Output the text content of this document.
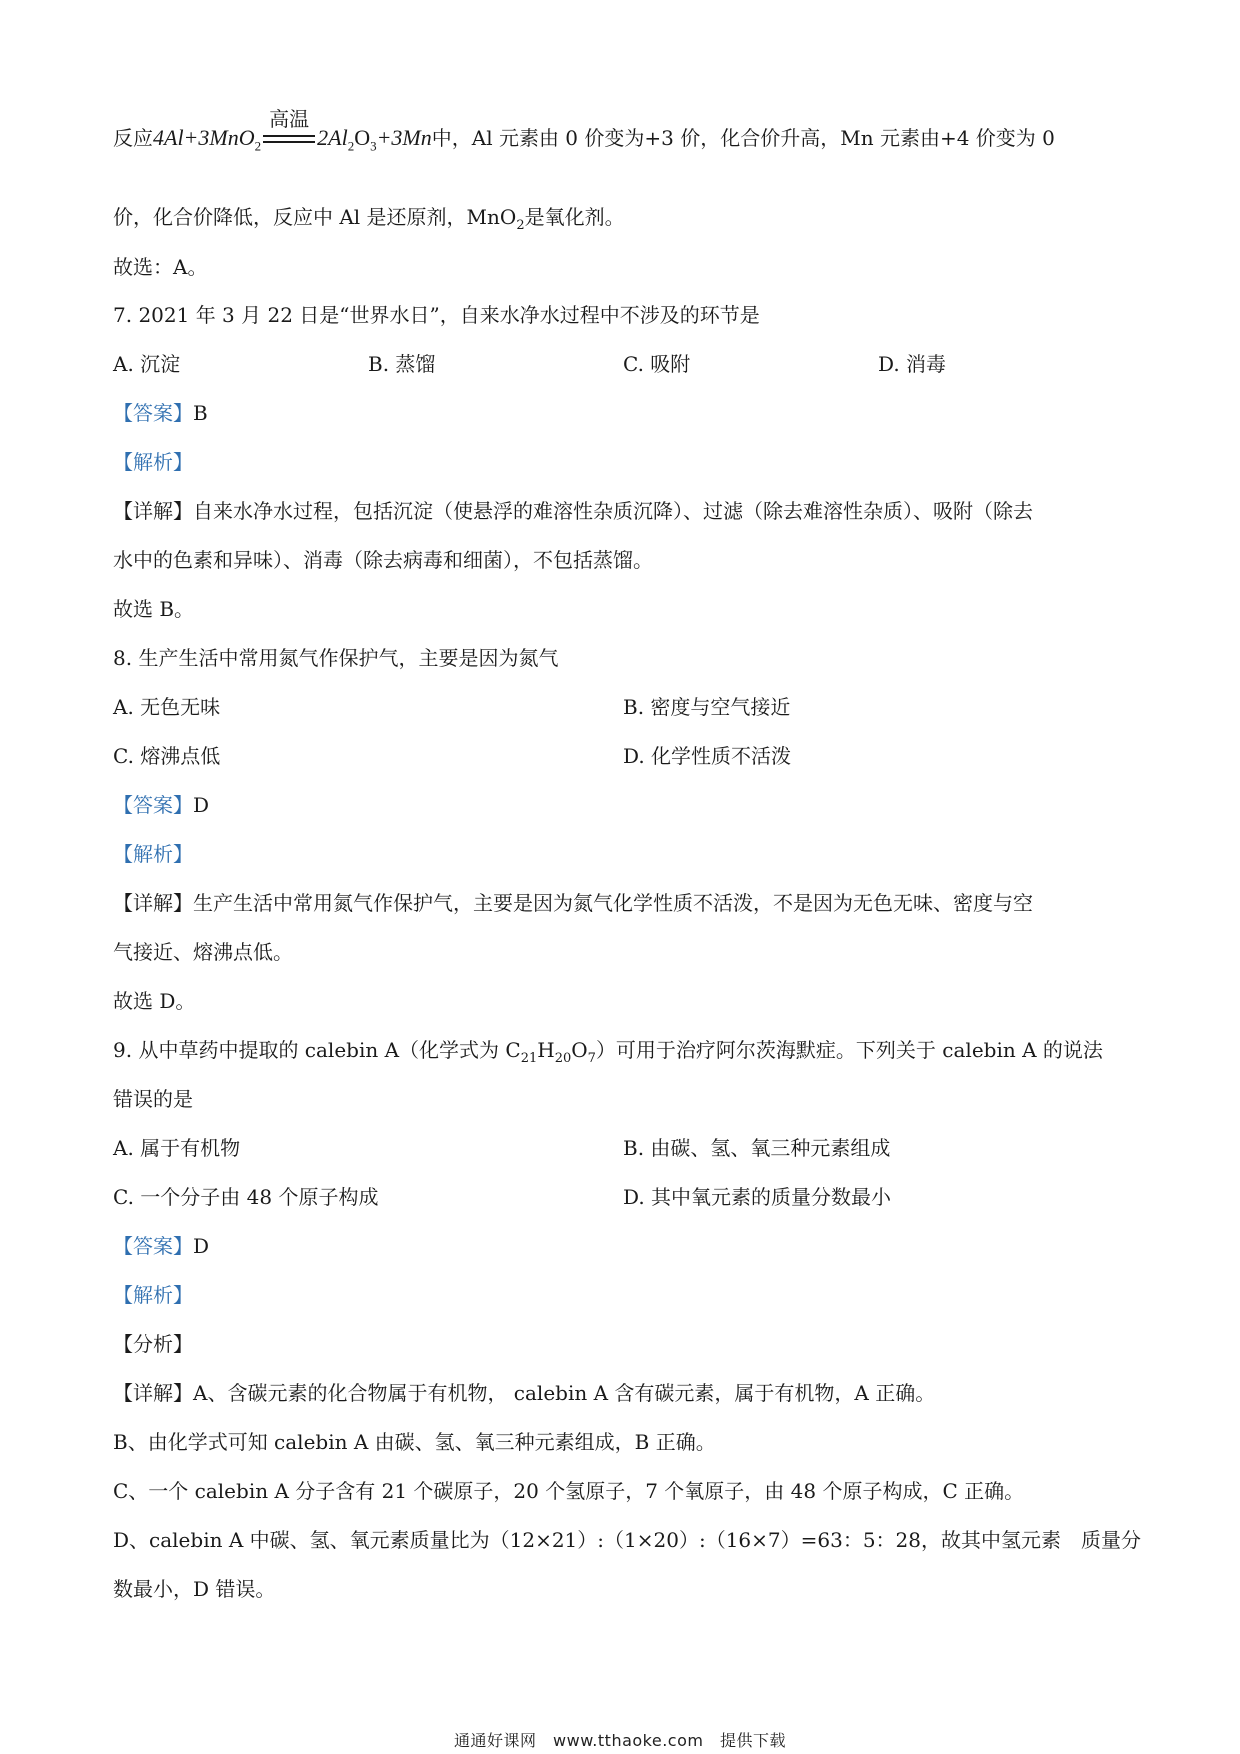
反应4Al+3MnO$_2$
高温
$2Al_2O_3+3Mn$中，Al 元素由 0 价变为+3 价，化合价升高，Mn 元素由+4 价变为 0
价，化合价降低，反应中 Al 是还原剂，MnO$_2$是氧化剂。
故选：A。
7. 2021 年 3 月 22 日是“世界水日”，自来水净水过程中不涉及的环节是
A. 沉淀	B. 蒸馏	C. 吸附	D. 消毒
【答案】B
【解析】
【详解】自来水净水过程，包括沉淀（使悬浮的难溶性杂质沉降）、过滤（除去难溶性杂质）、吸附（除去
水中的色素和异味）、消毒（除去病毒和细菌），不包括蒸馏。
故选 B。
8. 生产生活中常用氮气作保护气，主要是因为氮气
A. 无色无味	B. 密度与空气接近
C. 熔沸点低	D. 化学性质不活泼
【答案】D
【解析】
【详解】生产生活中常用氮气作保护气，主要是因为氮气化学性质不活泼，不是因为无色无味、密度与空
气接近、熔沸点低。
故选 D。
9. 从中草药中提取的 calebin A（化学式为 $C_{21}H_{20}O_7$）可用于治疗阿尔茨海默症。下列关于 calebin A 的说法
错误的是
A. 属于有机物	B. 由碳、氢、氧三种元素组成
C. 一个分子由 48 个原子构成	D. 其中氧元素的质量分数最小
【答案】D
【解析】
【分析】
【详解】A、含碳元素的化合物属于有机物， calebin A 含有碳元素，属于有机物，A 正确。
B、由化学式可知 calebin A 由碳、氢、氧三种元素组成，B 正确。
C、一个 calebin A 分子含有 21 个碳原子，20 个氢原子，7 个氧原子，由 48 个原子构成，C 正确。
D、calebin A 中碳、氢、氧元素质量比为（12×21）:（1×20）:（16×7）=63：5：28，故其中氢元素　质量分
数最小，D 错误。
通通好课网　www.tthaoke.com　提供下载
